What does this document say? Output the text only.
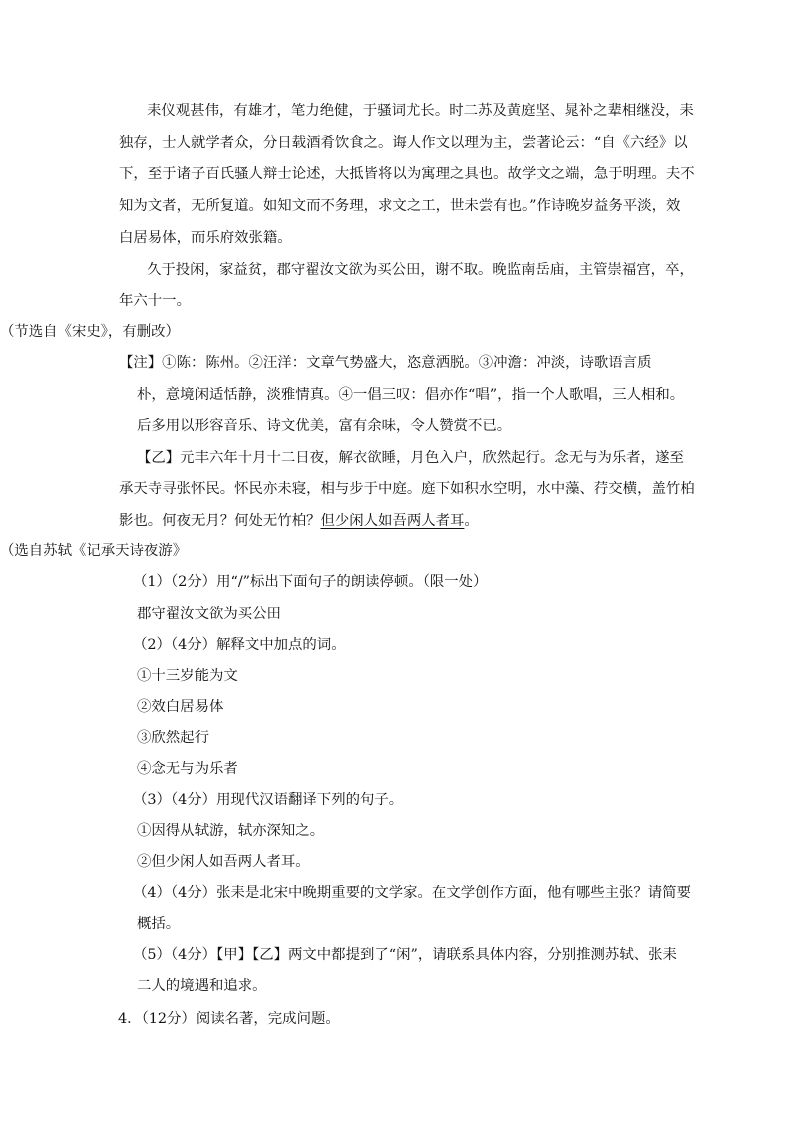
耒仪观甚伟，有雄才，笔力绝健，于骚词尤长。时二苏及黄庭坚、晁补之辈相继没，耒
独存，士人就学者众，分日载酒肴饮食之。诲人作文以理为主，尝著论云：“自《六经》以
下，至于诸子百氏骚人辩士论述，大抵皆将以为寓理之具也。故学文之端，急于明理。夫不
知为文者，无所复道。如知文而不务理，求文之工，世未尝有也。”作诗晚岁益务平淡，效
白居易体，而乐府效张籍。
久于投闲，家益贫，郡守翟汝文欲为买公田，谢不取。晚监南岳庙，主管崇福宫，卒，
年六十一。
（节选自《宋史》，有删改）
【注】①陈：陈州。②汪洋：文章气势盛大，恣意洒脱。③冲澹：冲淡，诗歌语言质
朴，意境闲适恬静，淡雅情真。④一倡三叹：倡亦作“唱”，指一个人歌唱，三人相和。
后多用以形容音乐、诗文优美，富有余味，令人赞赏不已。
【乙】元丰六年十月十二日夜，解衣欲睡，月色入户，欣然起行。念无与为乐者，遂至
承天寺寻张怀民。怀民亦未寝，相与步于中庭。庭下如积水空明，水中藻、荇交横，盖竹柏
影也。何夜无月？何处无竹柏？但少闲人如吾两人者耳。
（选自苏轼《记承天诗夜游》
（1）（2分）用“/”标出下面句子的朗读停顿。（限一处）
郡守翟汝文欲为买公田
（2）（4分）解释文中加点的词。
①十三岁能为文
②效白居易体
③欣然起行
④念无与为乐者
（3）（4分）用现代汉语翻译下列的句子。
①因得从轼游，轼亦深知之。
②但少闲人如吾两人者耳。
（4）（4分）张耒是北宋中晚期重要的文学家。在文学创作方面，他有哪些主张？请简要
概括。
（5）（4分）【甲】【乙】两文中都提到了“闲”，请联系具体内容，分别推测苏轼、张耒
二人的境遇和追求。
4．（12分）阅读名著，完成问题。
